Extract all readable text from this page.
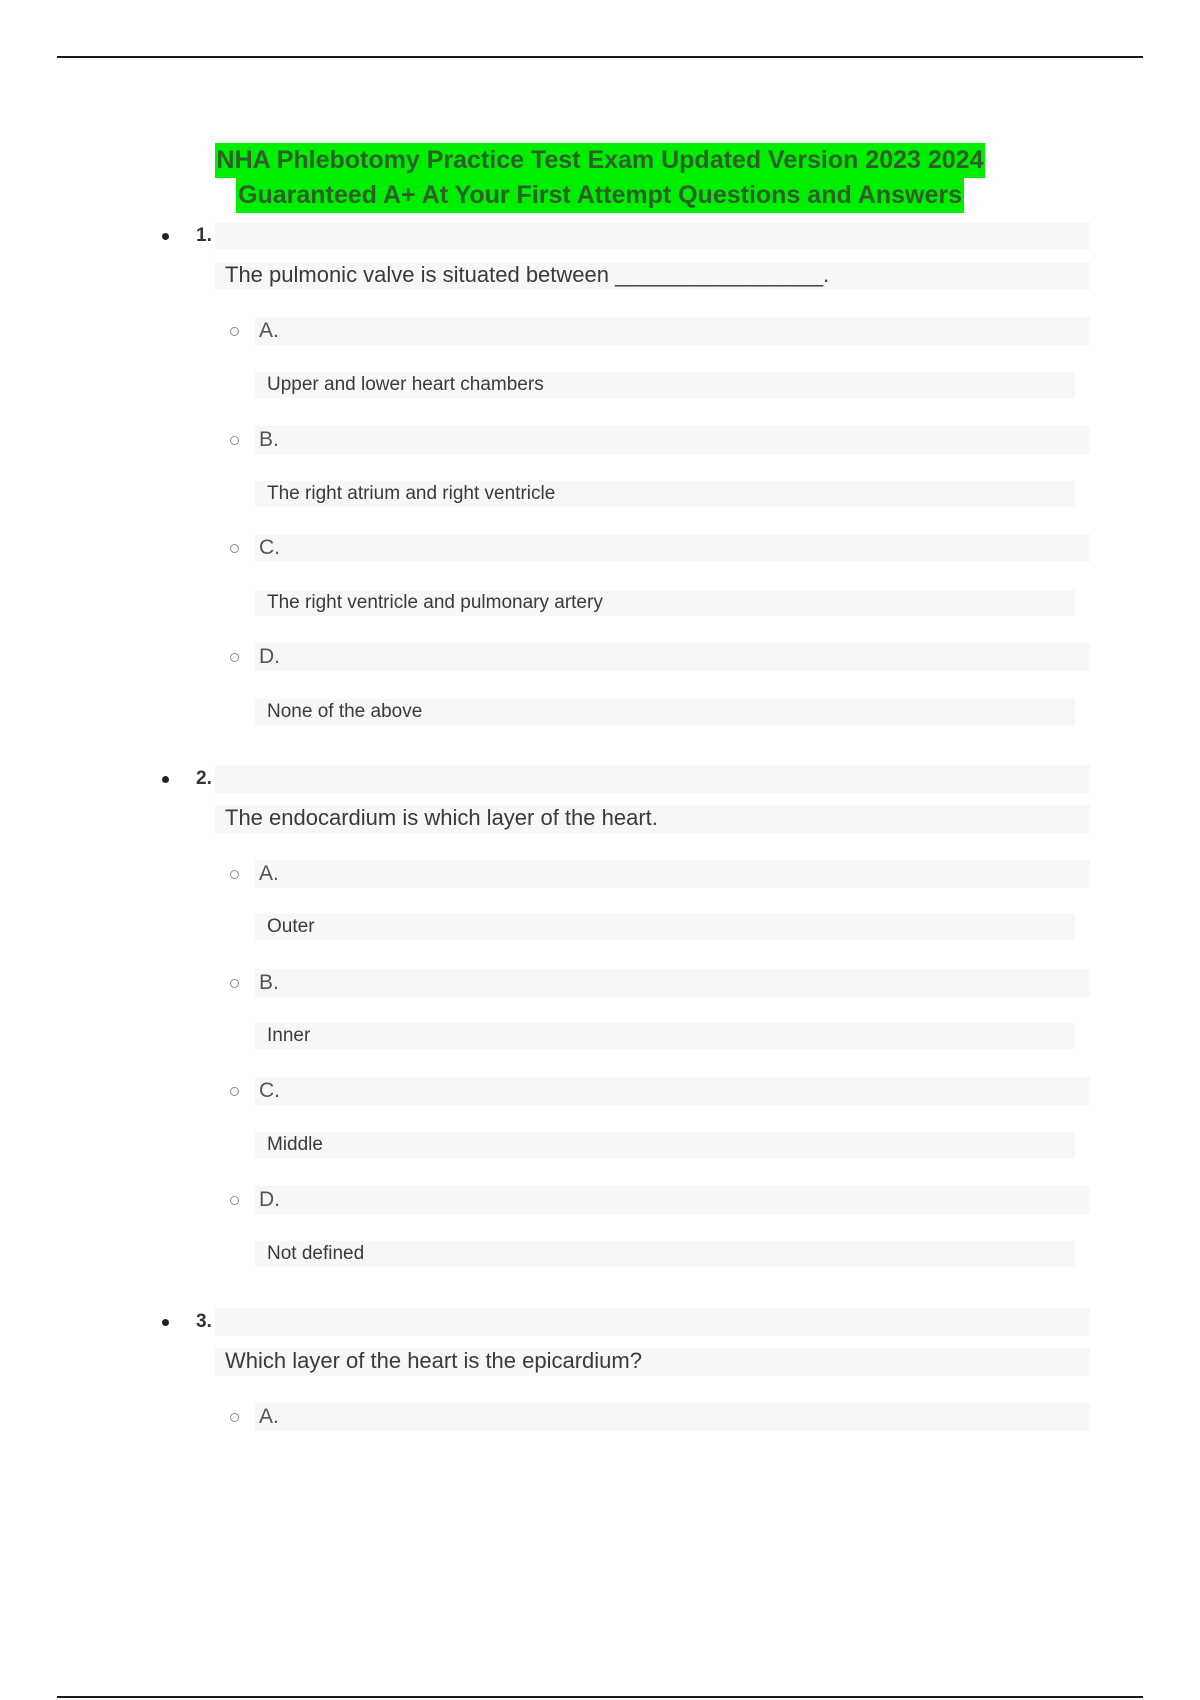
NHA Phlebotomy Practice Test Exam Updated Version 2023 2024
Guaranteed A+ At Your First Attempt Questions and Answers
1.
The pulmonic valve is situated between _________________.
A.
Upper and lower heart chambers
B.
The right atrium and right ventricle
C.
The right ventricle and pulmonary artery
D.
None of the above
2.
The endocardium is which layer of the heart.
A.
Outer
B.
Inner
C.
Middle
D.
Not defined
3.
Which layer of the heart is the epicardium?
A.
